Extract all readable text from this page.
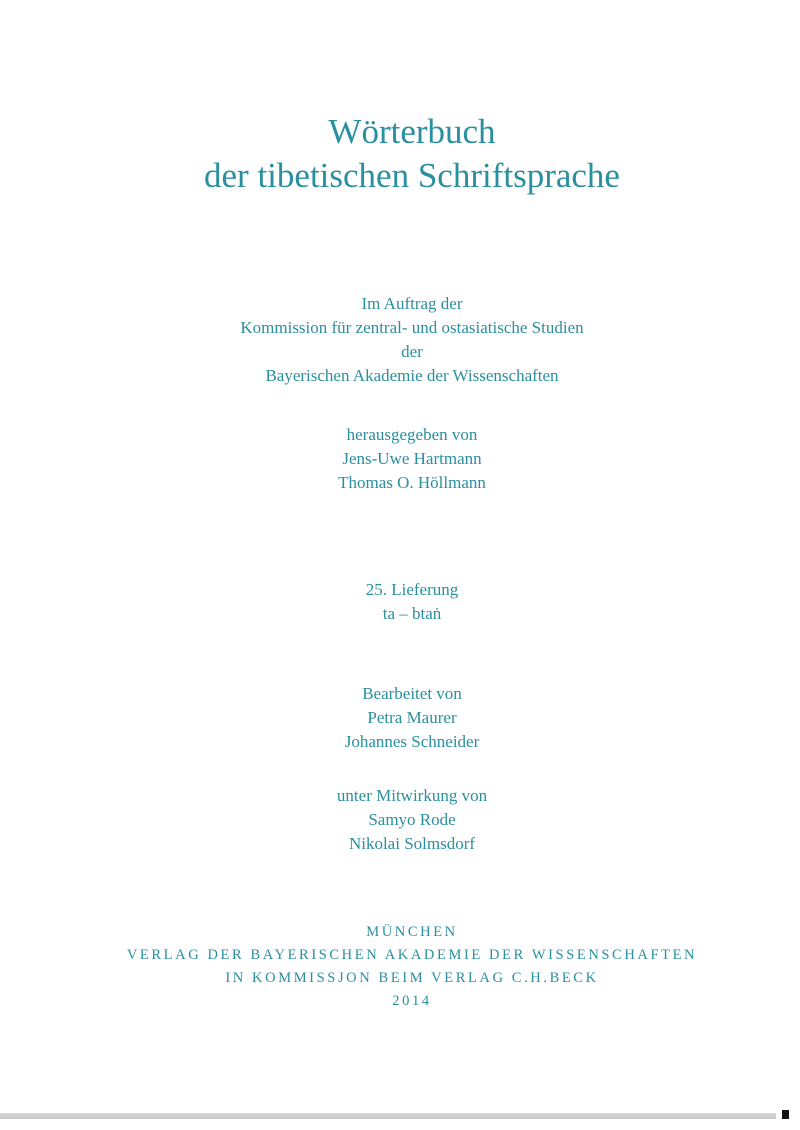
Wörterbuch
der tibetischen Schriftsprache
Im Auftrag der
Kommission für zentral- und ostasiatische Studien
der
Bayerischen Akademie der Wissenschaften
herausgegeben von
Jens-Uwe Hartmann
Thomas O. Höllmann
25. Lieferung
ta – btaṅ
Bearbeitet von
Petra Maurer
Johannes Schneider
unter Mitwirkung von
Samyo Rode
Nikolai Solmsdorf
MÜNCHEN
VERLAG DER BAYERISCHEN AKADEMIE DER WISSENSCHAFTEN
IN KOMMISSJON BEIM VERLAG C.H.BECK
2014
